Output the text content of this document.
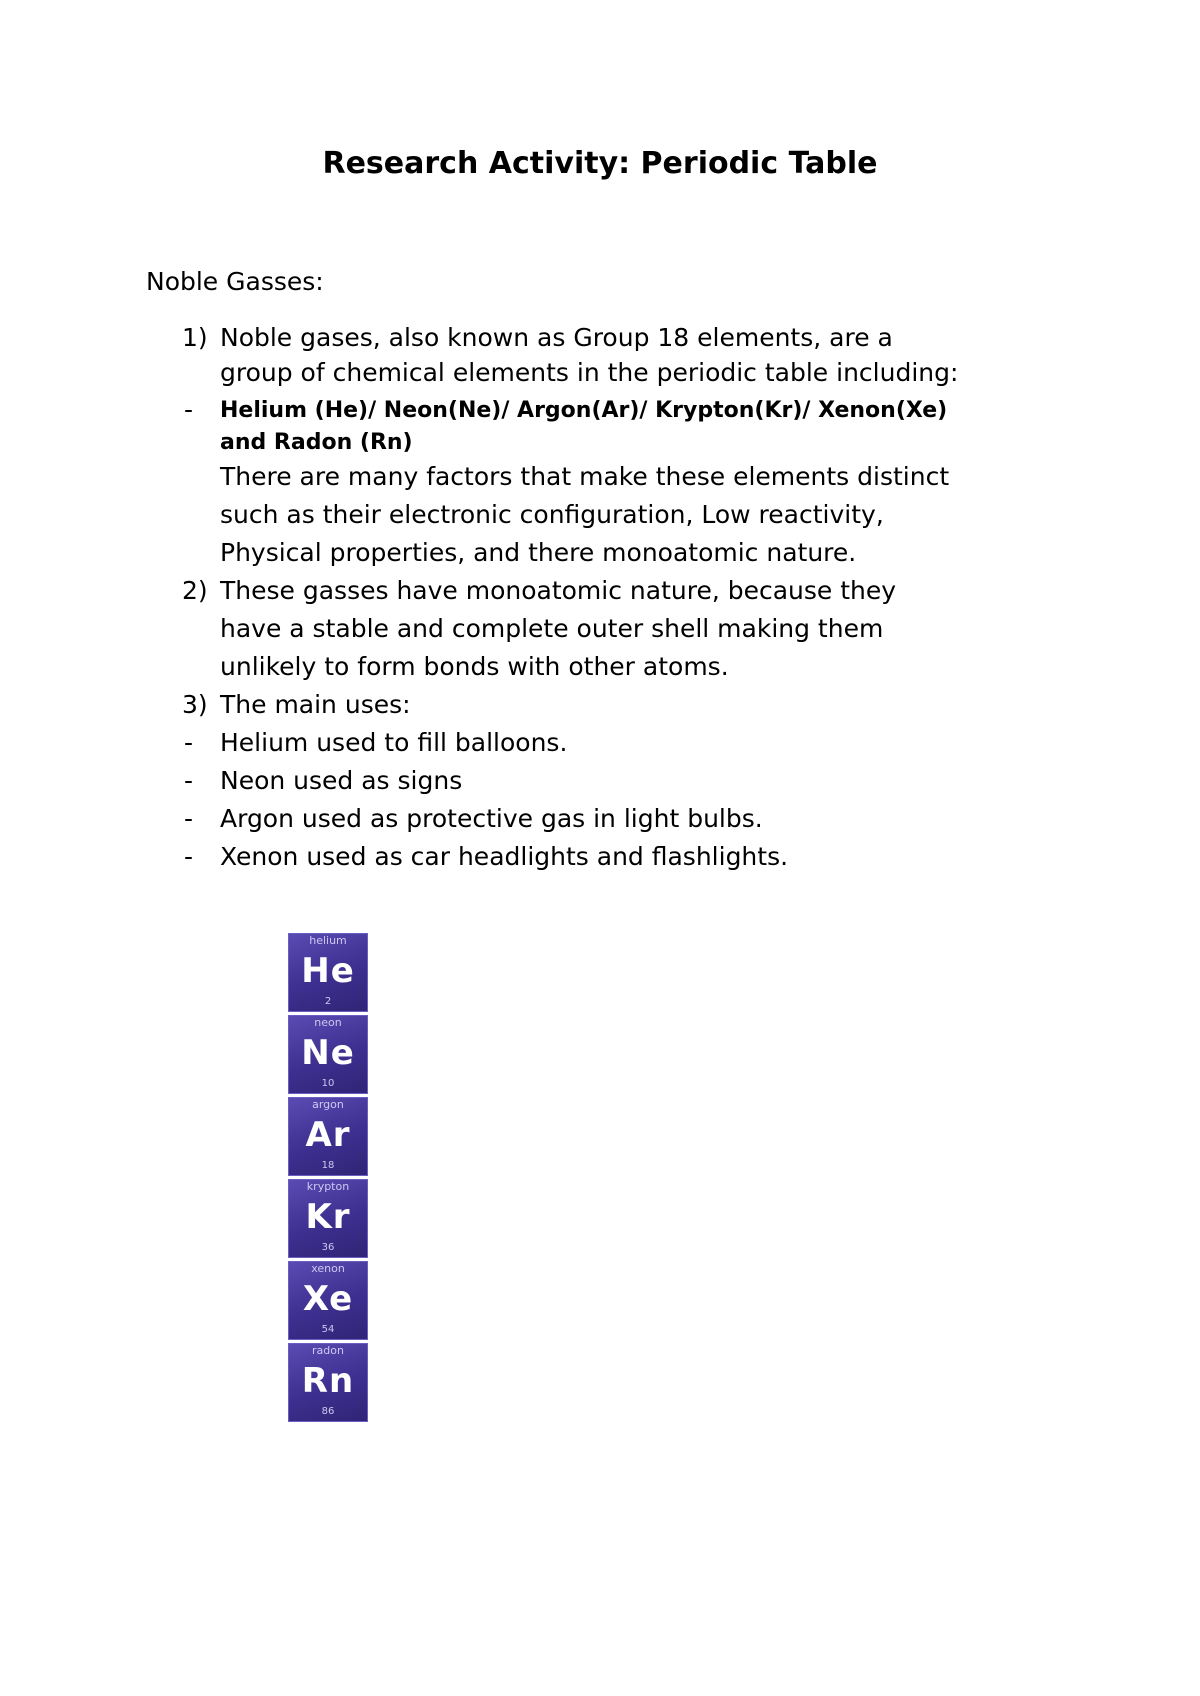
Research Activity: Periodic Table
Noble Gasses:
1) Noble gases, also known as Group 18 elements, are a
group of chemical elements in the periodic table including:
- Helium (He)/ Neon(Ne)/ Argon(Ar)/ Krypton(Kr)/ Xenon(Xe)
and Radon (Rn)
There are many factors that make these elements distinct
such as their electronic configuration, Low reactivity,
Physical properties, and there monoatomic nature.
2) These gasses have monoatomic nature, because they
have a stable and complete outer shell making them
unlikely to form bonds with other atoms.
3) The main uses:
- Helium used to fill balloons.
- Neon used as signs
- Argon used as protective gas in light bulbs.
- Xenon used as car headlights and flashlights.
helium
He
2
neon
Ne
10
argon
Ar
18
krypton
Kr
36
xenon
Xe
54
radon
Rn
86
